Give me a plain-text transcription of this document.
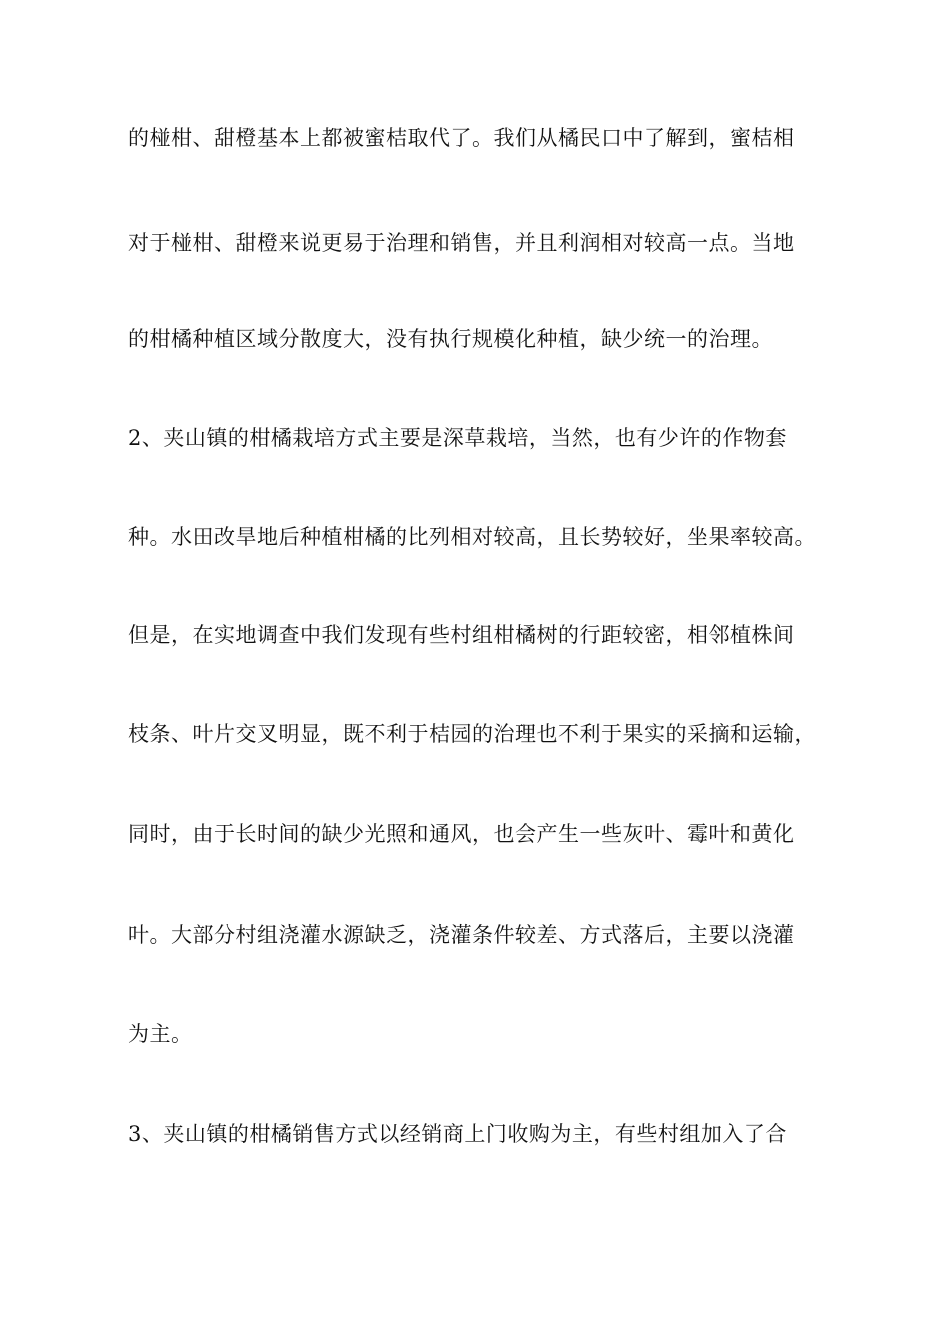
的椪柑、甜橙基本上都被蜜桔取代了。我们从橘民口中了解到，蜜桔相
对于椪柑、甜橙来说更易于治理和销售，并且利润相对较高一点。当地
的柑橘种植区域分散度大，没有执行规模化种植，缺少统一的治理。
2、夹山镇的柑橘栽培方式主要是深草栽培，当然，也有少许的作物套
种。水田改旱地后种植柑橘的比列相对较高，且长势较好，坐果率较高。
但是，在实地调查中我们发现有些村组柑橘树的行距较密，相邻植株间
枝条、叶片交叉明显，既不利于桔园的治理也不利于果实的采摘和运输，
同时，由于长时间的缺少光照和通风，也会产生一些灰叶、霉叶和黄化
叶。大部分村组浇灌水源缺乏，浇灌条件较差、方式落后，主要以浇灌
为主。
3、夹山镇的柑橘销售方式以经销商上门收购为主，有些村组加入了合
